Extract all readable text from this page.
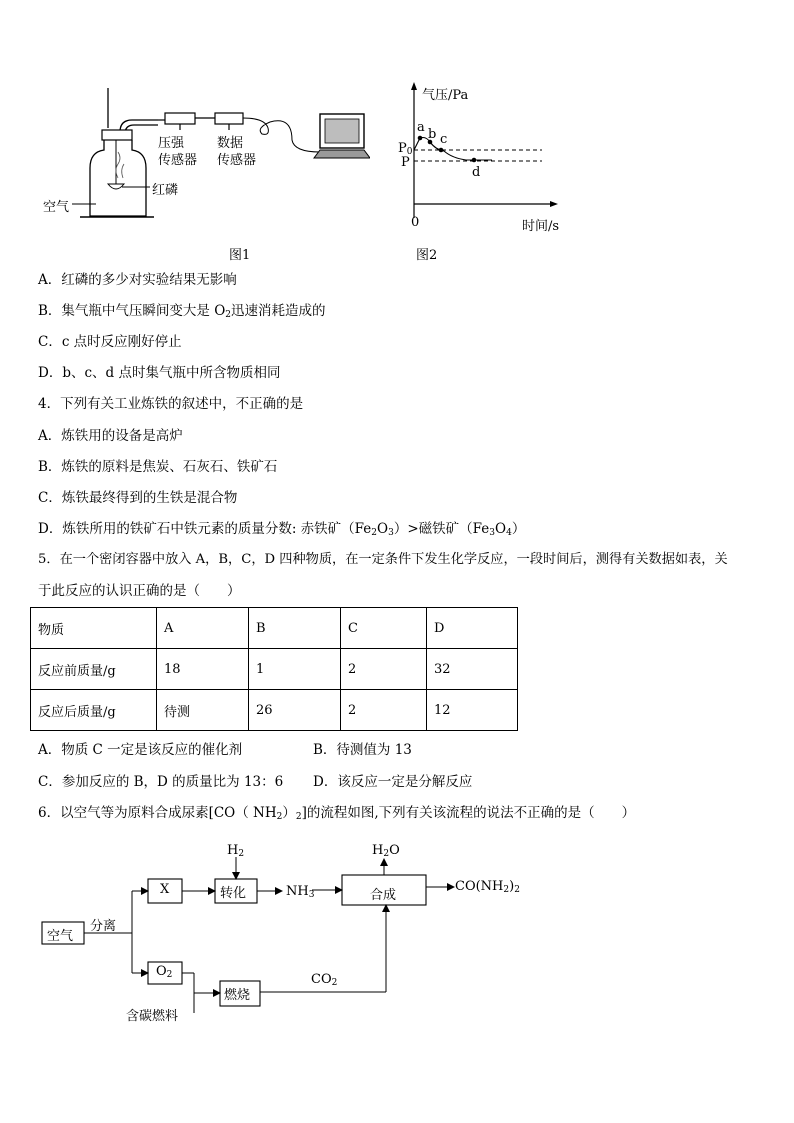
压强
传感器
数据
传感器
红磷
空气
图1
气压/Pa
时间/s
0
$P_0$
P
a b c
d
图2
A．红磷的多少对实验结果无影响
B．集气瓶中气压瞬间变大是 $O_2$迅速消耗造成的
C．c 点时反应刚好停止
D．b、c、d 点时集气瓶中所含物质相同
4．下列有关工业炼铁的叙述中，不正确的是
A．炼铁用的设备是高炉
B．炼铁的原料是焦炭、石灰石、铁矿石
C．炼铁最终得到的生铁是混合物
D．炼铁所用的铁矿石中铁元素的质量分数: 赤铁矿$(Fe_2O_3)>$磁铁矿$(Fe_3O_4)$
5．在一个密闭容器中放入 A，B，C，D 四种物质，在一定条件下发生化学反应，一段时间后，测得有关数据如表，关
于此反应的认识正确的是（　　）
物质	A	B	C	D
反应前质量/g	18	1	2	32
反应后质量/g	待测	26	2	12
A．物质 C 一定是该反应的催化剂	B．待测值为 13
C．参加反应的 B，D 的质量比为 13：6 D．该反应一定是分解反应
6．以空气等为原料合成尿素[CO（ $NH_2)_2$]的流程如图,下列有关该流程的说法不正确的是（　　）
空气
分离
X
$H_2$
转化	$NH_3$
$H_2O$
合成
$CO(NH_2)_2$
$O_2$
燃烧
$CO_2$
含碳燃料
